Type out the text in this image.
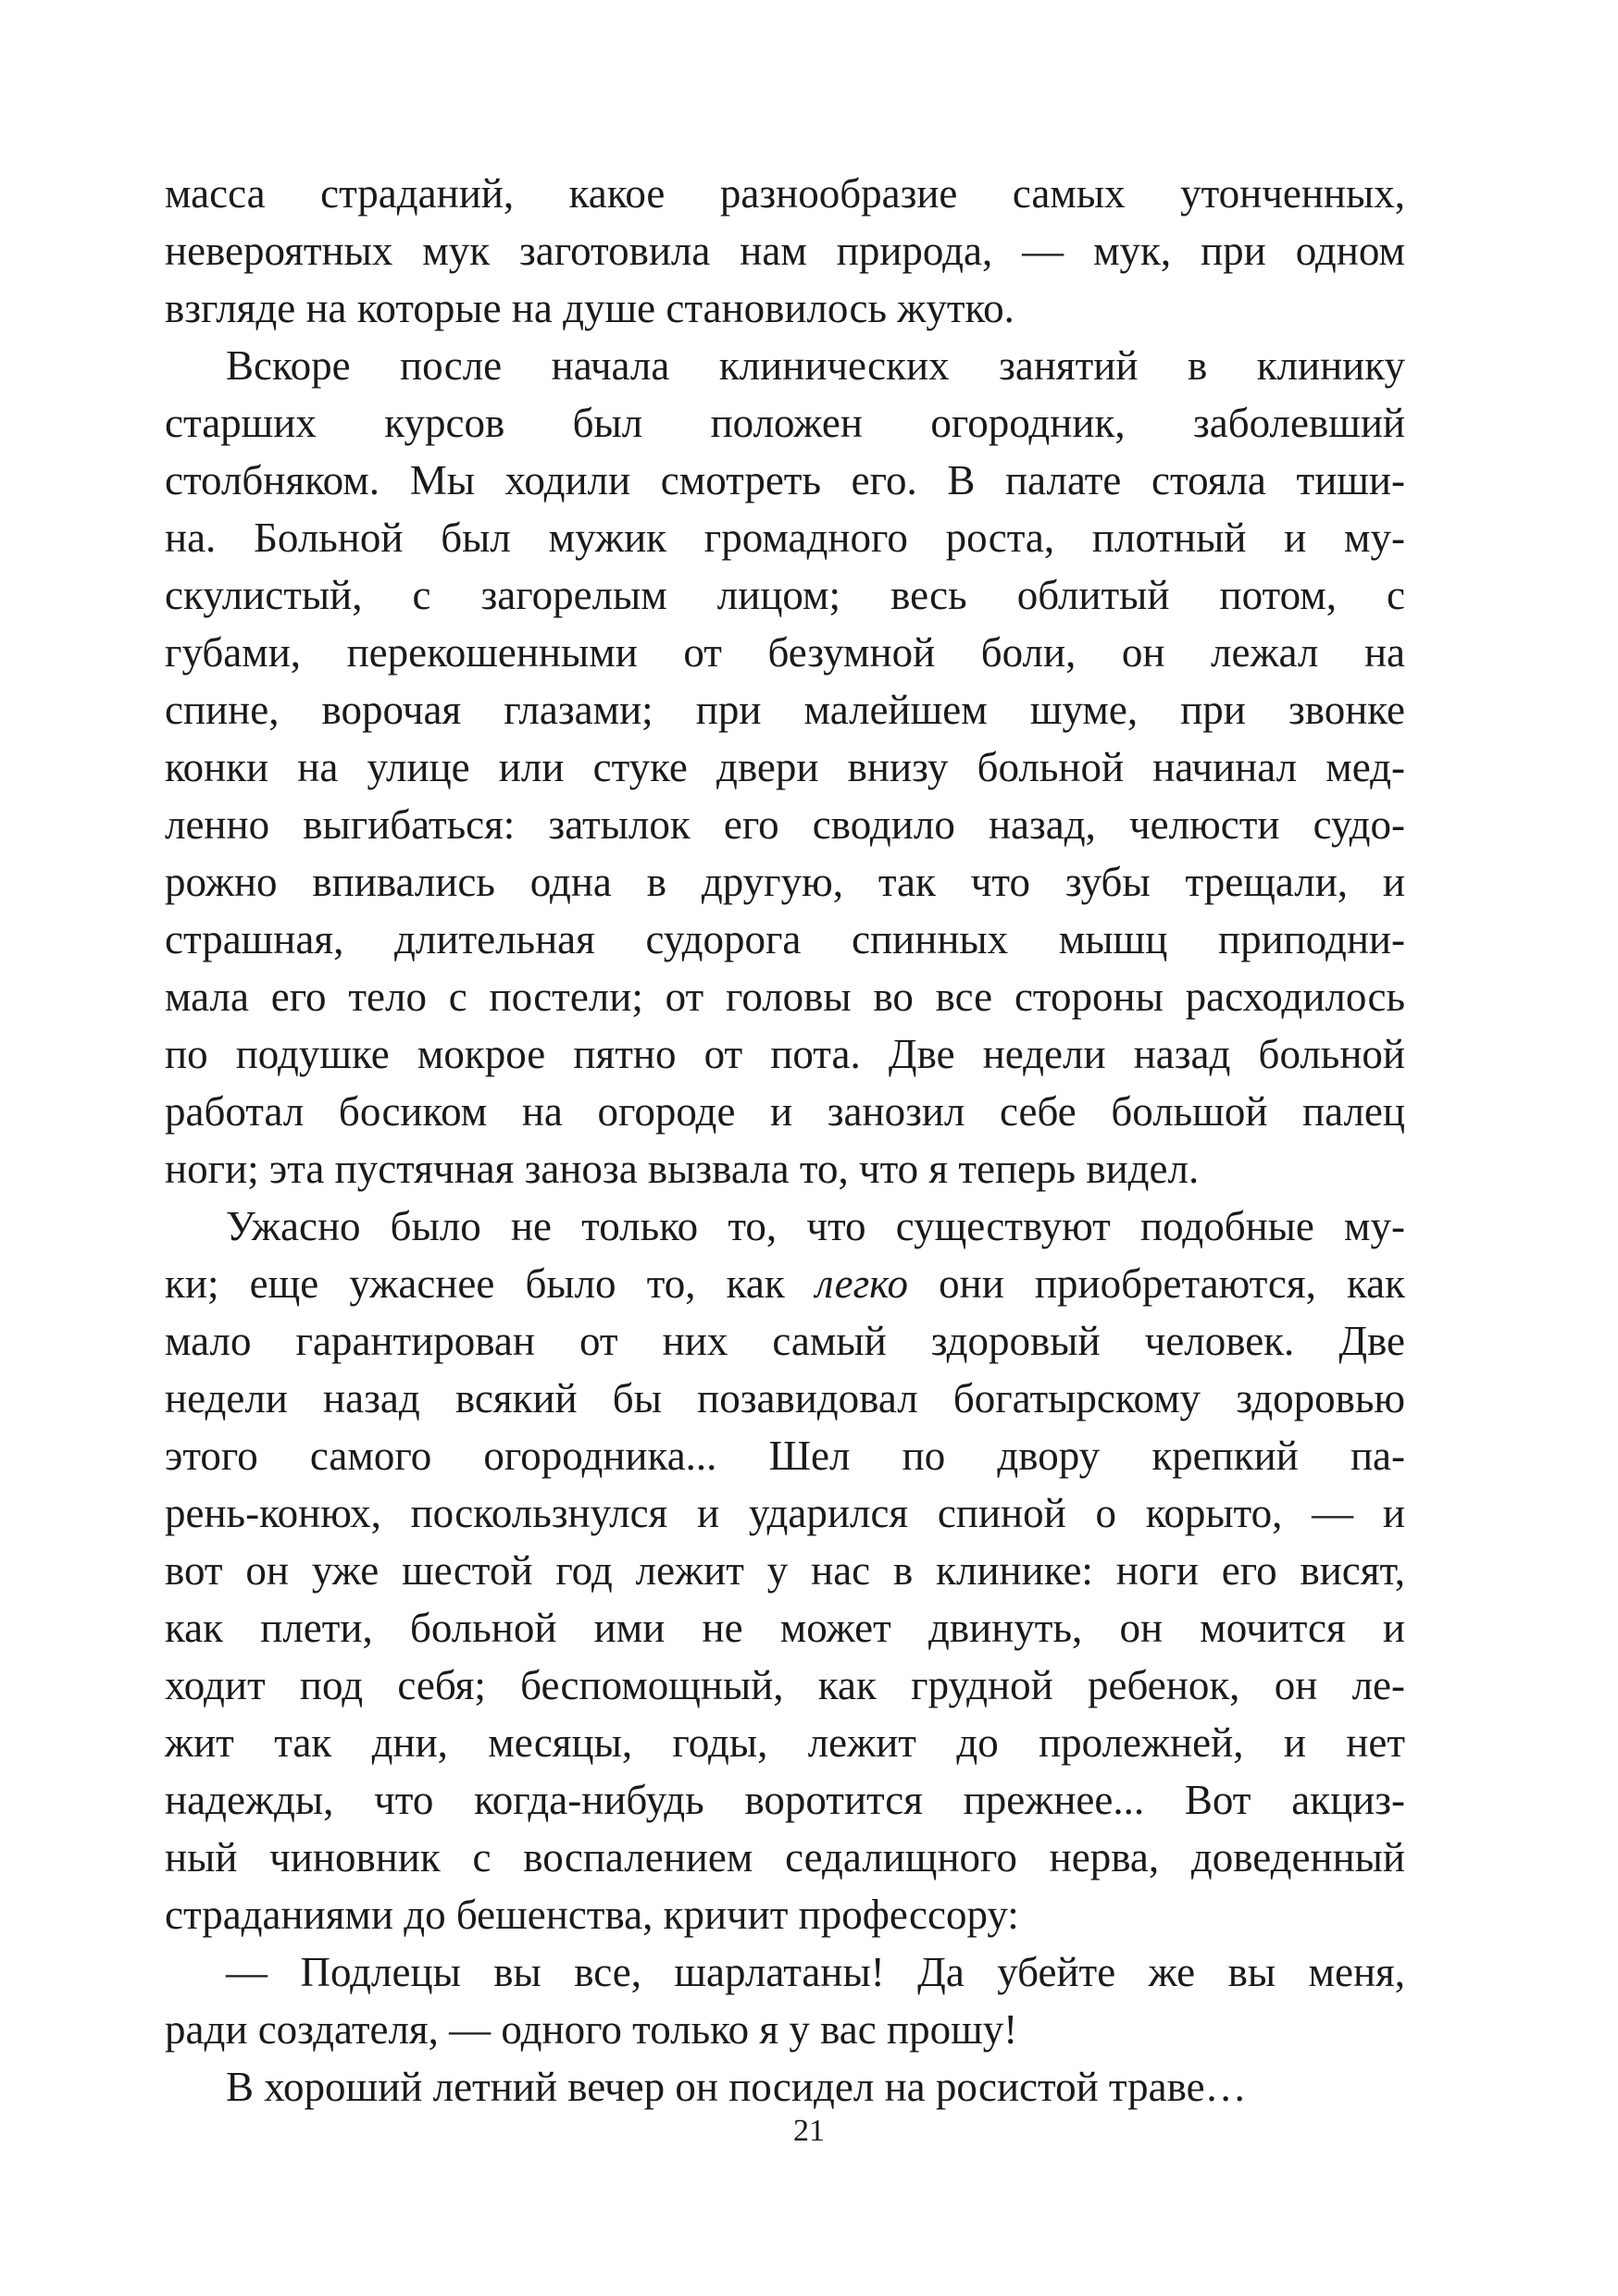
масса страданий, какое разнообразие самых утонченных,
невероятных мук заготовила нам природа, — мук, при одном
взгляде на которые на душе становилось жутко.
Вскоре после начала клинических занятий в клинику
старших курсов был положен огородник, заболевший
столбняком. Мы ходили смотреть его. В палате стояла тиши-
на. Больной был мужик громадного роста, плотный и му-
скулистый, с загорелым лицом; весь облитый потом, с
губами, перекошенными от безумной боли, он лежал на
спине, ворочая глазами; при малейшем шуме, при звонке
конки на улице или стуке двери внизу больной начинал мед-
ленно выгибаться: затылок его сводило назад, челюсти судо-
рожно впивались одна в другую, так что зубы трещали, и
страшная, длительная судорога спинных мышц приподни-
мала его тело с постели; от головы во все стороны расходилось
по подушке мокрое пятно от пота. Две недели назад больной
работал босиком на огороде и занозил себе большой палец
ноги; эта пустячная заноза вызвала то, что я теперь видел.
Ужасно было не только то, что существуют подобные му-
ки; еще ужаснее было то, как легко они приобретаются, как
мало гарантирован от них самый здоровый человек. Две
недели назад всякий бы позавидовал богатырскому здоровью
этого самого огородника... Шел по двору крепкий па-
рень-конюх, поскользнулся и ударился спиной о корыто, — и
вот он уже шестой год лежит у нас в клинике: ноги его висят,
как плети, больной ими не может двинуть, он мочится и
ходит под себя; беспомощный, как грудной ребенок, он ле-
жит так дни, месяцы, годы, лежит до пролежней, и нет
надежды, что когда-нибудь воротится прежнее... Вот акциз-
ный чиновник с воспалением седалищного нерва, доведенный
страданиями до бешенства, кричит профессору:
— Подлецы вы все, шарлатаны! Да убейте же вы меня,
ради создателя, — одного только я у вас прошу!
В хороший летний вечер он посидел на росистой траве…
21
